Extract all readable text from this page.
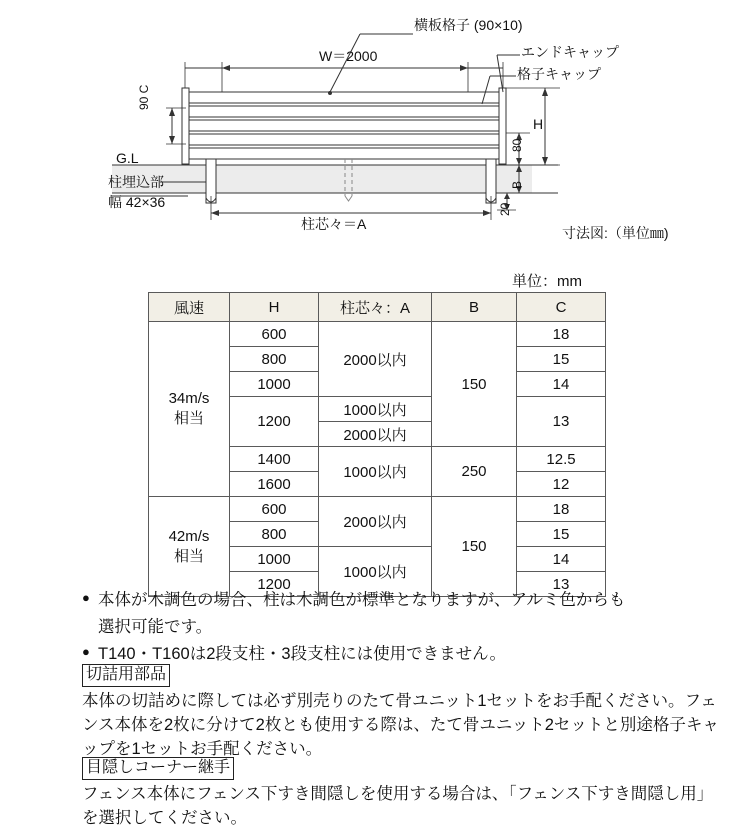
横板格子 (90×10)
エンドキャップ
格子キャップ
W＝2000
90 C
H
80
B
20
G.L
柱埋込部
幅 42×36
柱芯々＝A
寸法図:（単位㎜)
単位：mm
風速	H	柱芯々：A	B	C

34m/s
相当	600	2000以内	150	18
	800			15
	1000			14
	1200	1000以内		13
		2000以内		
	1400	1000以内	250	12.5
	1600			12

42m/s
相当	600	2000以内	150	18
	800			15
	1000	1000以内		14
	1200			13
● 本体が木調色の場合、柱は木調色が標準となりますが、アルミ色からも
選択可能です。
● T140・T160は2段支柱・3段支柱には使用できません。
切詰用部品
本体の切詰めに際しては必ず別売りのたて骨ユニット1セットをお手配ください。フェンス本体を2枚に分けて2枚とも使用する際は、たて骨ユニット2セットと別途格子キャップを1セットお手配ください。
目隠しコーナー継手
フェンス本体にフェンス下すき間隠しを使用する場合は、「フェンス下すき間隠し用」を選択してください。
